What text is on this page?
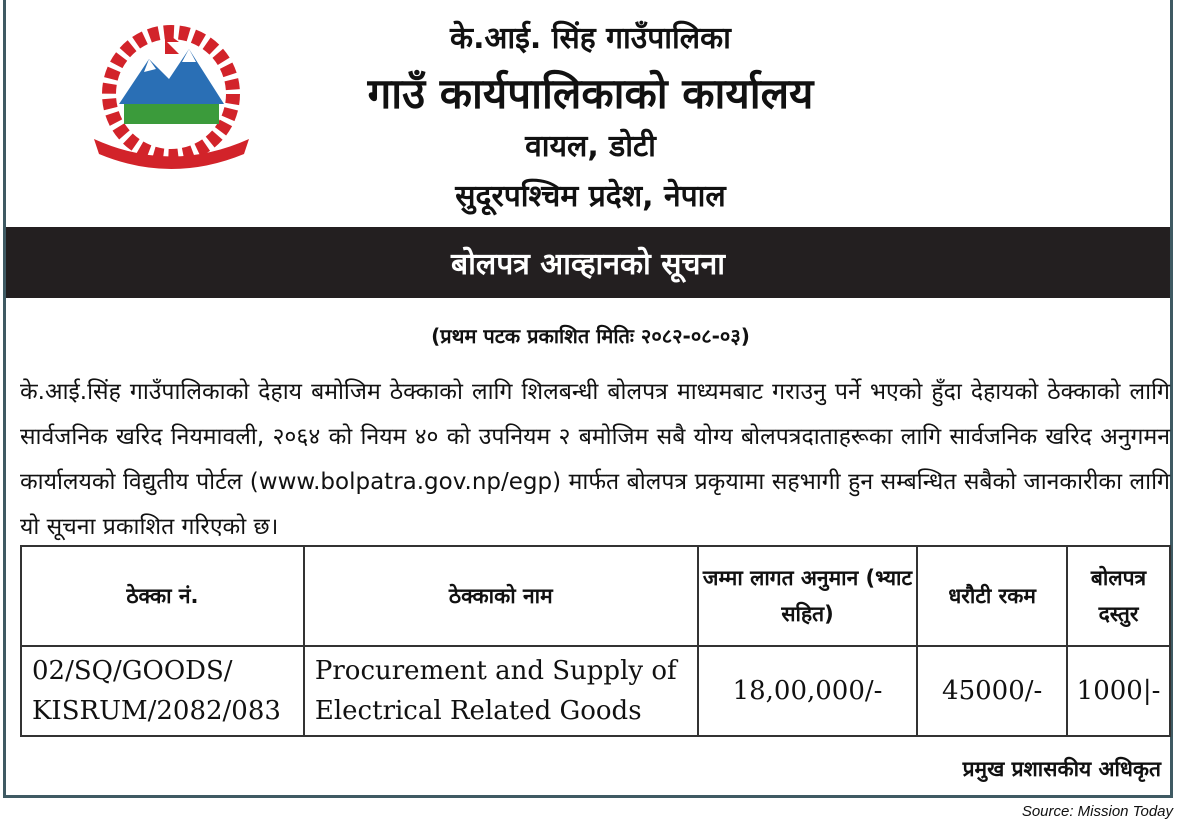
के.आई. सिंह गाउँपालिका
गाउँ कार्यपालिकाको कार्यालय
वायल, डोटी
सुदूरपश्चिम प्रदेश, नेपाल
बोलपत्र आव्हानको सूचना
(प्रथम पटक प्रकाशित मितिः २०८२-०८-०३)
के.आई.सिंह गाउँपालिकाको देहाय बमोजिम ठेक्काको लागि शिलबन्धी बोलपत्र माध्यमबाट गराउनु पर्ने भएको हुँदा देहायको ठेक्काको लागि सार्वजनिक खरिद नियमावली, २०६४ को नियम ४० को उपनियम २ बमोजिम सबै योग्य बोलपत्रदाताहरूका लागि सार्वजनिक खरिद अनुगमन कार्यालयको विद्युतीय पोर्टल (www.bolpatra.gov.np/egp) मार्फत बोलपत्र प्रकृयामा सहभागी हुन सम्बन्धित सबैको जानकारीका लागि यो सूचना प्रकाशित गरिएको छ।
ठेक्का नं.	ठेक्काको नाम	जम्मा लागत अनुमान (भ्याट सहित)	धरौटी रकम	बोलपत्र दस्तुर
02/SQ/GOODS/ KISRUM/2082/083	Procurement and Supply of Electrical Related Goods	18,00,000/-	45000/-	1000|-
प्रमुख प्रशासकीय अधिकृत
Source: Mission Today
